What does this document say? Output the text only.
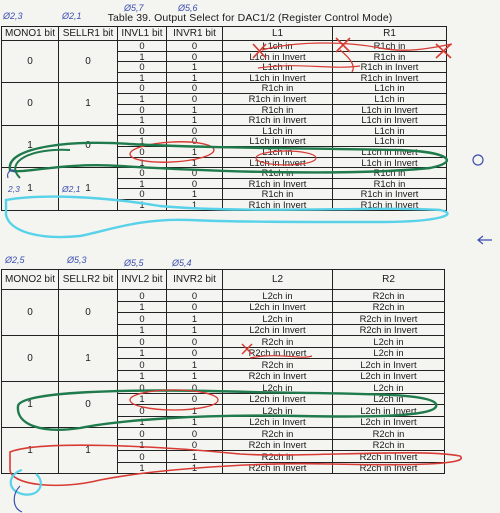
Table 39. Output Select for DAC1/2 (Register Control Mode)
MONO1 bit	SELLR1 bit	INVL1 bit	INVR1 bit	L1	R1
0	0	0	0	L1ch in	R1ch in
		1	0	L1ch in Invert	R1ch in
		0	1	L1ch in	R1ch in Invert
		1	1	L1ch in Invert	R1ch in Invert
0	1	0	0	R1ch in	L1ch in
		1	0	R1ch in Invert	L1ch in
		0	1	R1ch in	L1ch in Invert
		1	1	R1ch in Invert	L1ch in Invert
1	0	0	0	L1ch in	L1ch in
		1	0	L1ch in Invert	L1ch in
		0	1	L1ch in	L1ch in Invert
		1	1	L1ch in Invert	L1ch in Invert
1	1	0	0	R1ch in	R1ch in
		1	0	R1ch in Invert	R1ch in
		0	1	R1ch in	R1ch in Invert
		1	1	R1ch in Invert	R1ch in Invert
MONO2 bit	SELLR2 bit	INVL2 bit	INVR2 bit	L2	R2
0	0	0	0	L2ch in	R2ch in
		1	0	L2ch in Invert	R2ch in
		0	1	L2ch in	R2ch in Invert
		1	1	L2ch in Invert	R2ch in Invert
0	1	0	0	R2ch in	L2ch in
		1	0	R2ch in Invert	L2ch in
		0	1	R2ch in	L2ch in Invert
		1	1	R2ch in Invert	L2ch in Invert
1	0	0	0	L2ch in	L2ch in
		1	0	L2ch in Invert	L2ch in
		0	1	L2ch in	L2ch in Invert
		1	1	L2ch in Invert	L2ch in Invert
1	1	0	0	R2ch in	R2ch in
		1	0	R2ch in Invert	R2ch in
		0	1	R2ch in	R2ch in Invert
		1	1	R2ch in Invert	R2ch in Invert
Ø2,3	Ø2,1
Ø5,7	Ø5,6
2,3	Ø2,1
Ø2,5	Ø5,3	Ø5,5	Ø5,4
